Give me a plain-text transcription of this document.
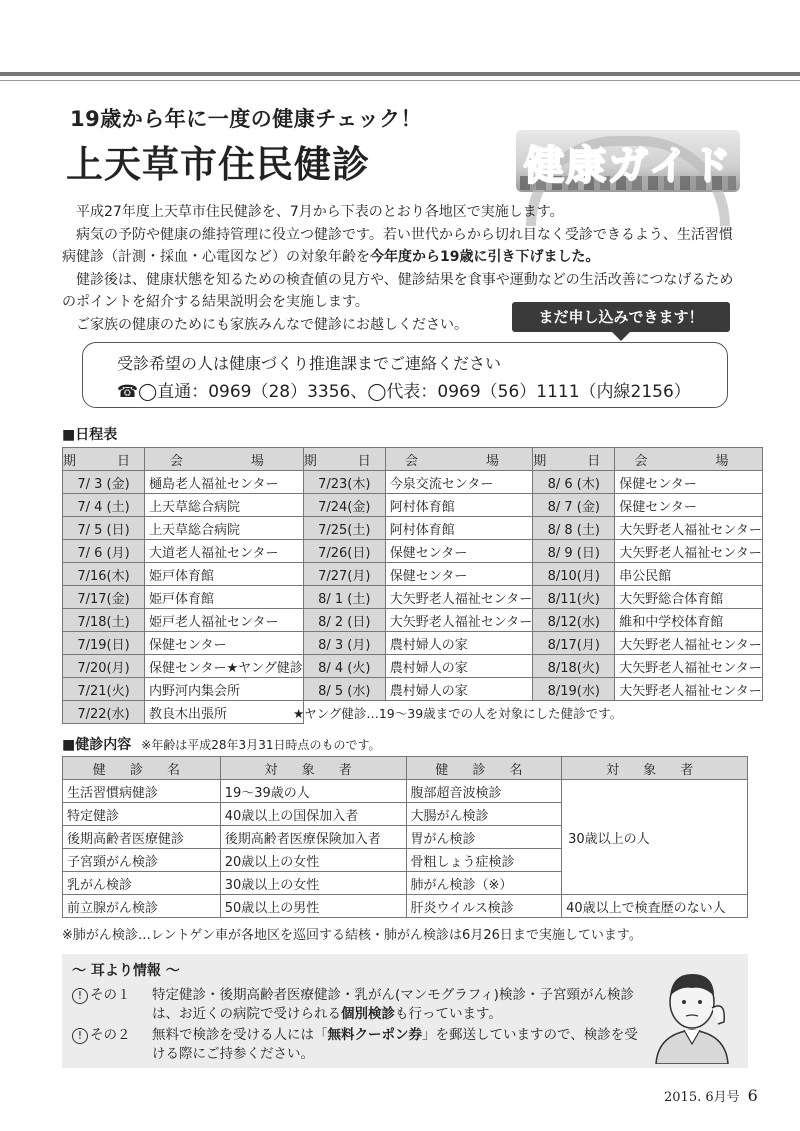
19歳から年に一度の健康チェック！
上天草市住民健診	健康ガイド

平成27年度上天草市住民健診を、7月から下表のとおり各地区で実施します。

病気の予防や健康の維持管理に役立つ健診です。若い世代からから切れ目なく受診できるよう、生活習慣病健診（計測・採血・心電図など）の対象年齢を今年度から19歳に引き下げました。

健診後は、健康状態を知るための検査値の見方や、健診結果を食事や運動などの生活改善につなげるためのポイントを紹介する結果説明会を実施します。

ご家族の健康のためにも家族みんなで健診にお越しください。	まだ申し込みできます！
受診希望の人は健康づくり推進課までご連絡ください
☎◯直通：0969（28）3356、◯代表：0969（56）1111（内線2156）
■日程表
期　日	会　　場	期　日	会　　場	期　日	会　　場
7/ 3 (金)	樋島老人福祉センター	7/23(木)	今泉交流センター	8/ 6 (木)	保健センター
7/ 4 (土)	上天草総合病院	7/24(金)	阿村体育館	8/ 7 (金)	保健センター
7/ 5 (日)	上天草総合病院	7/25(土)	阿村体育館	8/ 8 (土)	大矢野老人福祉センター
7/ 6 (月)	大道老人福祉センター	7/26(日)	保健センター	8/ 9 (日)	大矢野老人福祉センター
7/16(木)	姫戸体育館	7/27(月)	保健センター	8/10(月)	串公民館
7/17(金)	姫戸体育館	8/ 1 (土)	大矢野老人福祉センター	8/11(火)	大矢野総合体育館
7/18(土)	姫戸老人福祉センター	8/ 2 (日)	大矢野老人福祉センター	8/12(水)	維和中学校体育館
7/19(日)	保健センター	8/ 3 (月)	農村婦人の家	8/17(月)	大矢野老人福祉センター
7/20(月)	保健センター★ヤング健診	8/ 4 (火)	農村婦人の家	8/18(火)	大矢野老人福祉センター
7/21(火)	内野河内集会所	8/ 5 (水)	農村婦人の家	8/19(水)	大矢野老人福祉センター
7/22(水)	教良木出張所					★ヤング健診…19～39歳までの人を対象にした健診です。
■健診内容 ※年齢は平成28年3月31日時点のものです。
健 診 名	対 象 者	健 診 名	対 象 者
生活習慣病健診	19～39歳の人	腹部超音波検診	30歳以上の人
特定健診	40歳以上の国保加入者	大腸がん検診	
後期高齢者医療健診	後期高齢者医療保険加入者	胃がん検診	
子宮頸がん検診	20歳以上の女性	骨粗しょう症検診	
乳がん検診	30歳以上の女性	肺がん検診（※）	
前立腺がん検診	50歳以上の男性	肝炎ウイルス検診	40歳以上で検査歴のない人
※肺がん検診…レントゲン車が各地区を巡回する結核・肺がん検診は6月26日まで実施しています。
～ 耳より情報 ～
! その１ 特定健診・後期高齢者医療健診・乳がん(マンモグラフィ)検診・子宮頸がん検診は、お近くの病院で受けられる個別検診も行っています。
! その２ 無料で検診を受ける人には「無料クーポン券」を郵送していますので、検診を受ける際にご持参ください。
2015. 6月号 6
